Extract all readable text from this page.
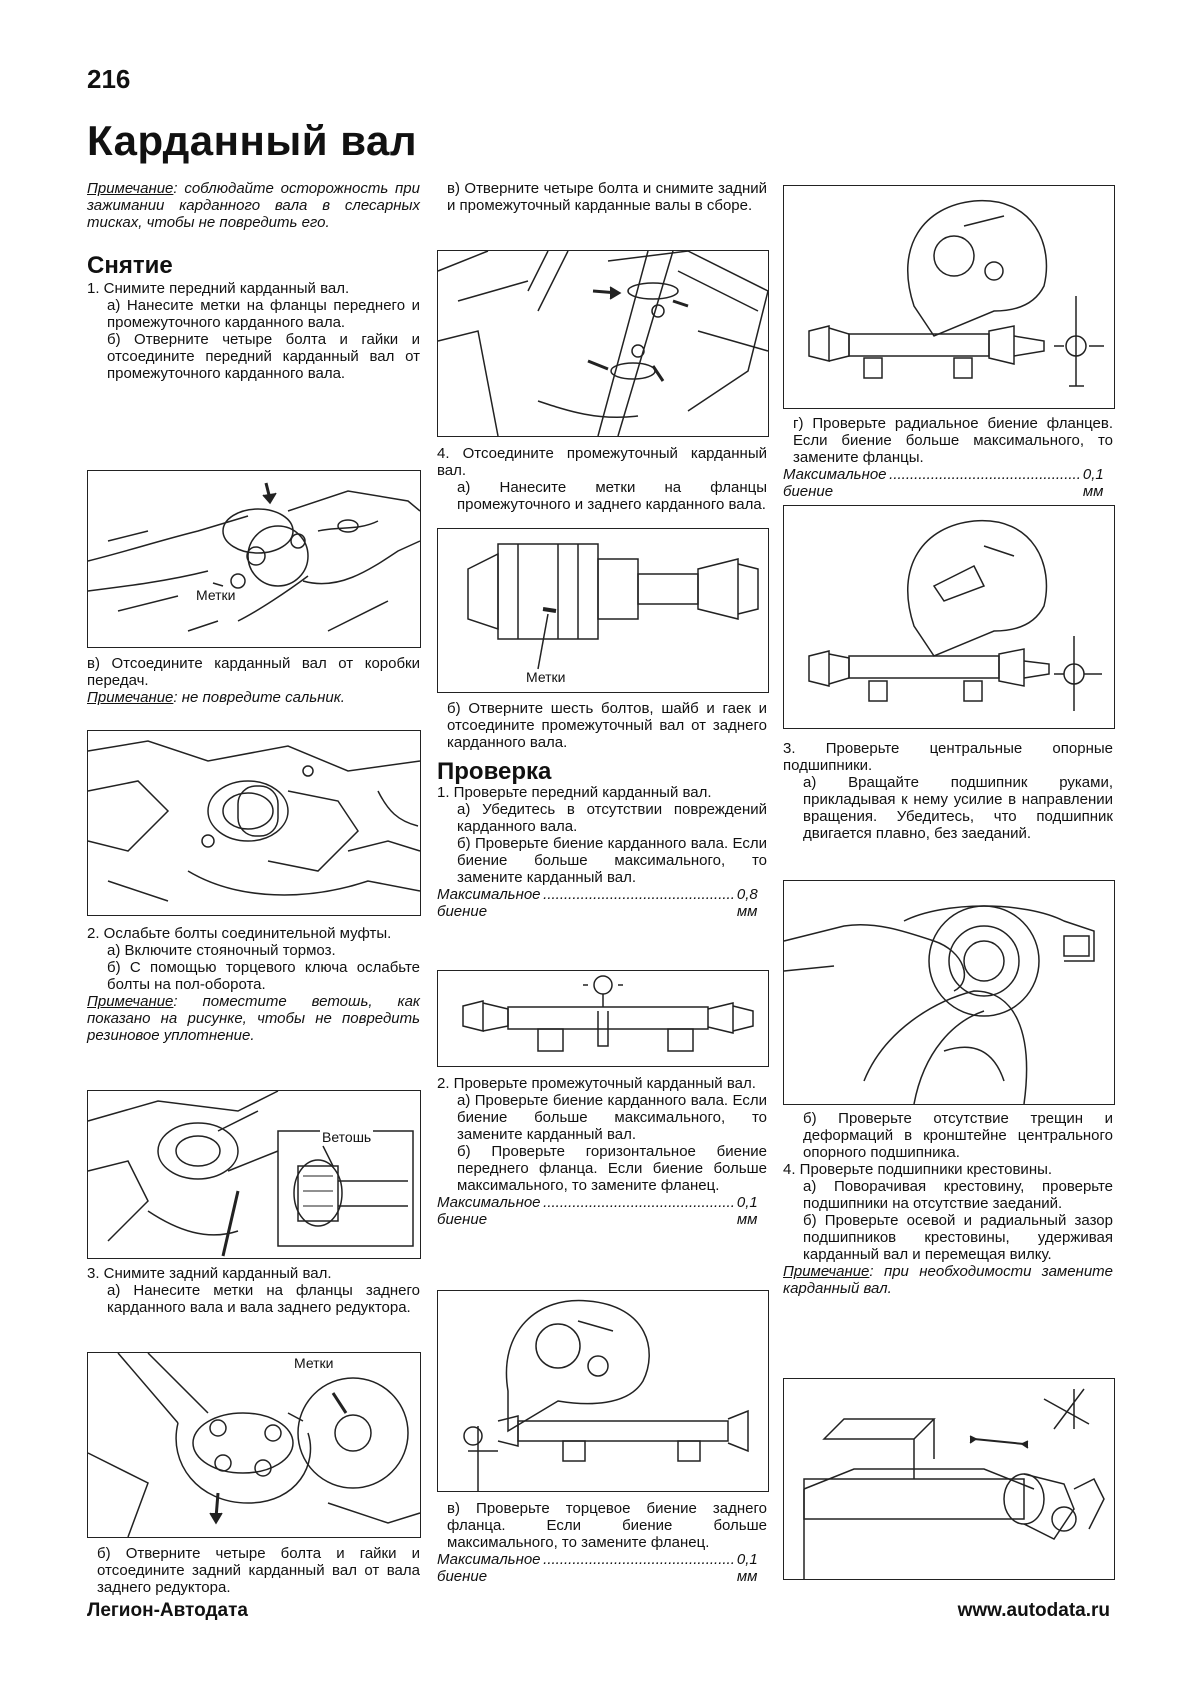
216
Карданный вал

Примечание: соблюдайте осторожность при зажимании карданного вала в слесарных тисках, чтобы не повредить его.

Снятие

1. Снимите передний карданный вал.

а) Нанесите метки на фланцы переднего и промежуточного карданного вала.

б) Отверните четыре болта и гайки и отсоедините передний карданный вал от промежуточного карданного вала.

Метки

в) Отсоедините карданный вал от коробки передач.

Примечание: не повредите сальник.

2. Ослабьте болты соединительной муфты.

а) Включите стояночный тормоз.

б) С помощью торцевого ключа ослабьте болты на пол-оборота.

Примечание: поместите ветошь, как показано на рисунке, чтобы не повредить резиновое уплотнение.

Ветошь

3. Снимите задний карданный вал.

а) Нанесите метки на фланцы заднего карданного вала и вала заднего редуктора.

Метки

б) Отверните четыре болта и гайки и отсоедините задний карданный вал от вала заднего редуктора.

в) Отверните четыре болта и снимите задний и промежуточный карданные валы в сборе.

4. Отсоедините промежуточный карданный вал.

а) Нанесите метки на фланцы промежуточного и заднего карданного вала.

Метки

б) Отверните шесть болтов, шайб и гаек и отсоедините промежуточный вал от заднего карданного вала.

Проверка

1. Проверьте передний карданный вал.

а) Убедитесь в отсутствии повреждений карданного вала.

б) Проверьте биение карданного вала. Если биение больше максимального, то замените карданный вал.

Максимальное биение
.............................................. 0,8 мм

2. Проверьте промежуточный карданный вал.

а) Проверьте биение карданного вала. Если биение больше максимального, то замените карданный вал.

б) Проверьте горизонтальное биение переднего фланца. Если биение больше максимального, то замените фланец.

Максимальное биение
.............................................. 0,1 мм

в) Проверьте торцевое биение заднего фланца. Если биение больше максимального, то замените фланец.

Максимальное биение
.............................................. 0,1 мм

г) Проверьте радиальное биение фланцев. Если биение больше максимального, то замените фланцы.

Максимальное биение
.............................................. 0,1 мм

3. Проверьте центральные опорные подшипники.

а) Вращайте подшипник руками, прикладывая к нему усилие в направлении вращения. Убедитесь, что подшипник двигается плавно, без заеданий.

б) Проверьте отсутствие трещин и деформаций в кронштейне центрального опорного подшипника.

4. Проверьте подшипники крестовины.

а) Поворачивая крестовину, проверьте подшипники на отсутствие заеданий.

б) Проверьте осевой и радиальный зазор подшипников крестовины, удерживая карданный вал и перемещая вилку.

Примечание: при необходимости замените карданный вал.

Легион-Автодата	www.autodata.ru
